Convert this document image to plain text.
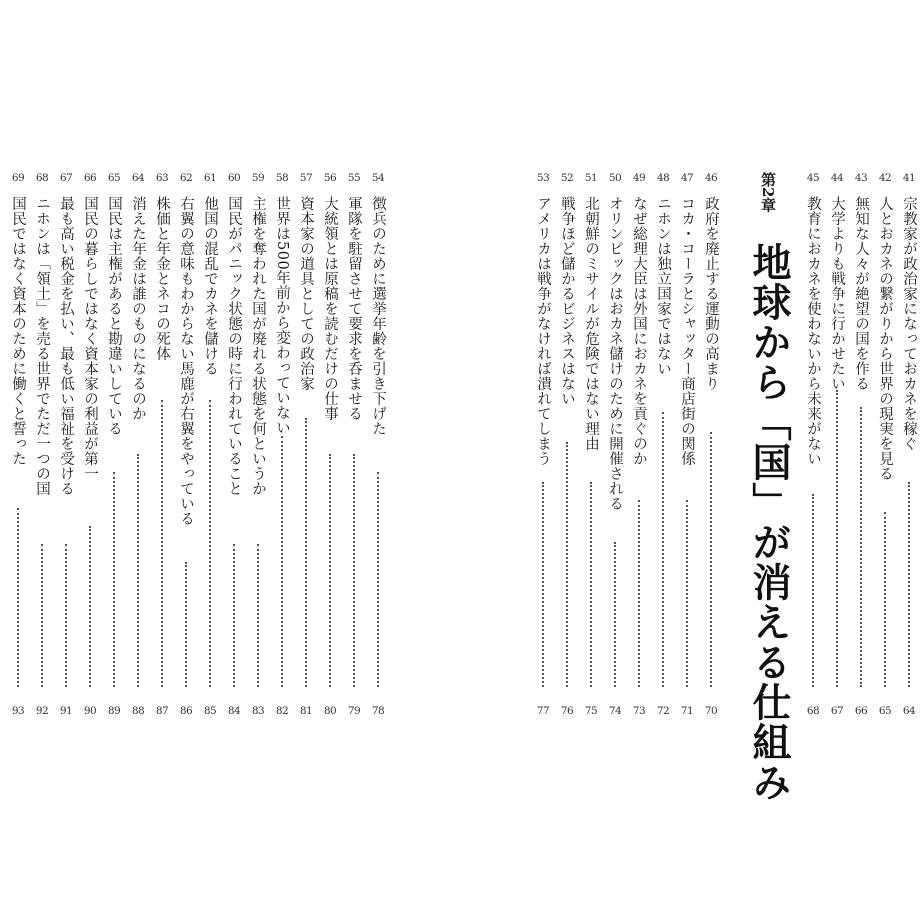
41
宗教家が政治家になっておカネを稼ぐ
64
42
人とおカネの繋がりから世界の現実を見る
65
43
無知な人々が絶望の国を作る
66
44
大学よりも戦争に行かせたい
67
45
教育におカネを使わないから未来がない
68
第2章
地球から「国」が消える仕組み
46
政府を廃止する運動の高まり
70
47
コカ・コーラとシャッター商店街の関係
71
48
ニホンは独立国家ではない
72
49
なぜ総理大臣は外国におカネを貢ぐのか
73
50
オリンピックはおカネ儲けのために開催される
74
51
北朝鮮のミサイルが危険ではない理由
75
52
戦争ほど儲かるビジネスはない
76
53
アメリカは戦争がなければ潰れてしまう
77
54
徴兵のために選挙年齢を引き下げた
78
55
軍隊を駐留させて要求を呑ませる
79
56
大統領とは原稿を読むだけの仕事
80
57
資本家の道具としての政治家
81
58
世界は500年前から変わっていない
82
59
主権を奪われた国が廃れる状態を何というか
83
60
国民がパニック状態の時に行われていること
84
61
他国の混乱でカネを儲ける
85
62
右翼の意味もわからない馬鹿が右翼をやっている
86
63
株価と年金とネコの死体
87
64
消えた年金は誰のものになるのか
88
65
国民は主権があると勘違いしている
89
66
国民の暮らしではなく資本家の利益が第一
90
67
最も高い税金を払い、最も低い福祉を受ける
91
68
ニホンは「領土」を売る世界でただ一つの国
92
69
国民ではなく資本のために働くと誓った
93
